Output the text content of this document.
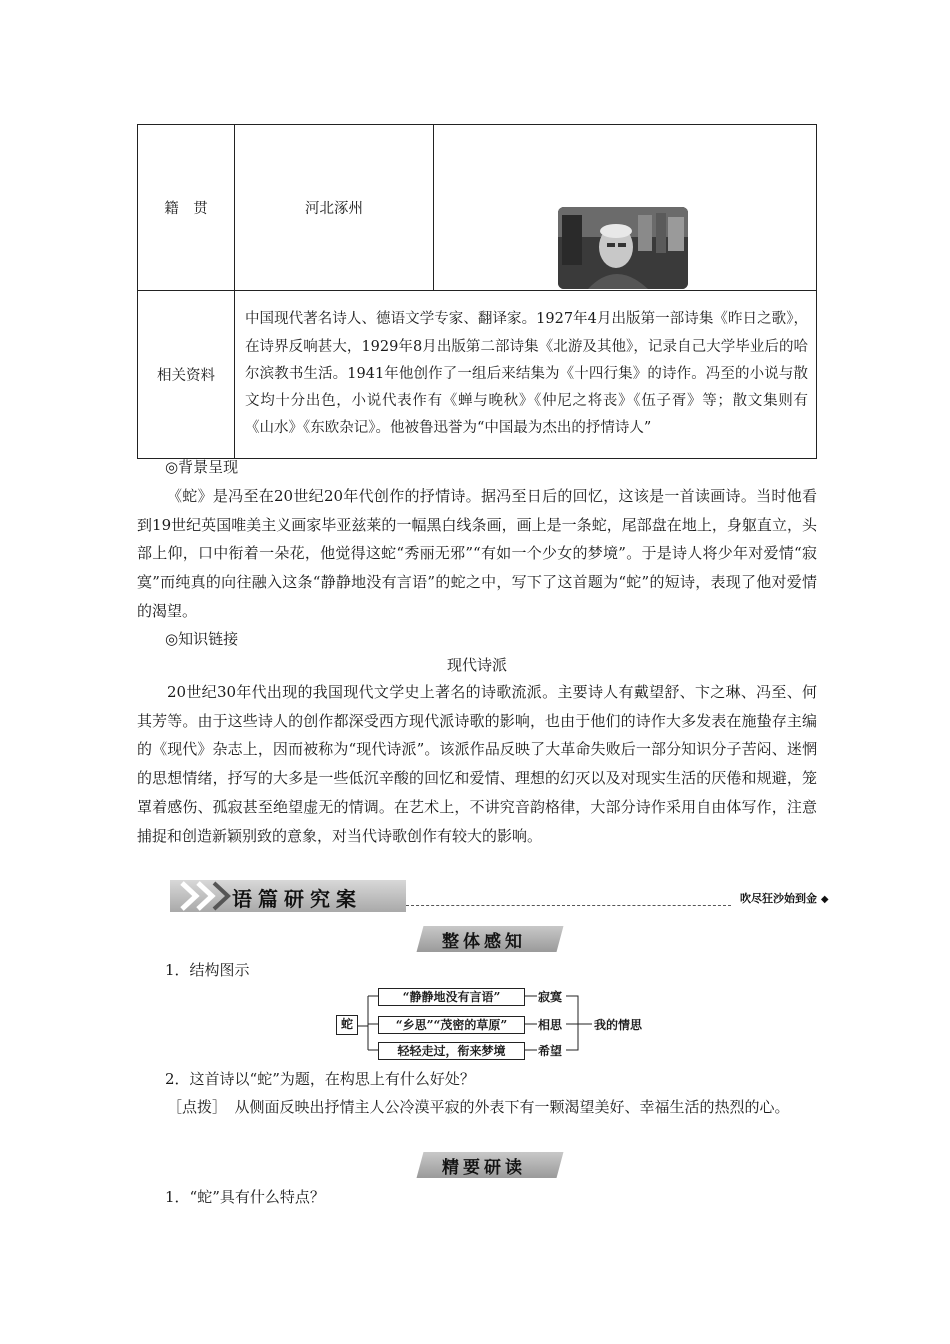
籍　贯	河北涿州	

相关资料	中国现代著名诗人、德语文学专家、翻译家。1927年4月出版第一部诗集《昨日之歌》，在诗界反响甚大，1929年8月出版第二部诗集《北游及其他》，记录自己大学毕业后的哈尔滨教书生活。1941年他创作了一组后来结集为《十四行集》的诗作。冯至的小说与散文均十分出色，小说代表作有《蝉与晚秋》《仲尼之将丧》《伍子胥》等；散文集则有《山水》《东欧杂记》。他被鲁迅誉为“中国最为杰出的抒情诗人”	
◎背景呈现
《蛇》是冯至在20世纪20年代创作的抒情诗。据冯至日后的回忆，这该是一首读画诗。当时他看到19世纪英国唯美主义画家毕亚兹莱的一幅黑白线条画，画上是一条蛇，尾部盘在地上，身躯直立，头部上仰，口中衔着一朵花，他觉得这蛇“秀丽无邪”“有如一个少女的梦境”。于是诗人将少年对爱情“寂寞”而纯真的向往融入这条“静静地没有言语”的蛇之中，写下了这首题为“蛇”的短诗，表现了他对爱情的渴望。
◎知识链接
现代诗派
20世纪30年代出现的我国现代文学史上著名的诗歌流派。主要诗人有戴望舒、卞之琳、冯至、何其芳等。由于这些诗人的创作都深受西方现代派诗歌的影响，也由于他们的诗作大多发表在施蛰存主编的《现代》杂志上，因而被称为“现代诗派”。该派作品反映了大革命失败后一部分知识分子苦闷、迷惘的思想情绪，抒写的大多是一些低沉辛酸的回忆和爱情、理想的幻灭以及对现实生活的厌倦和规避，笼罩着感伤、孤寂甚至绝望虚无的情调。在艺术上，不讲究音韵格律，大部分诗作采用自由体写作，注意捕捉和创造新颖别致的意象，对当代诗歌创作有较大的影响。
语篇研究案	吹尽狂沙始到金 ◆
整体感知
1．结构图示
蛇
“静静地没有言语”	寂寞
“乡思”“茂密的草原”	相思
轻轻走过，衔来梦境	希望
我的情思
2．这首诗以“蛇”为题，在构思上有什么好处？
［点拨］　 从侧面反映出抒情主人公冷漠平寂的外表下有一颗渴望美好、幸福生活的热烈的心。
精要研读
1．“蛇”具有什么特点？
